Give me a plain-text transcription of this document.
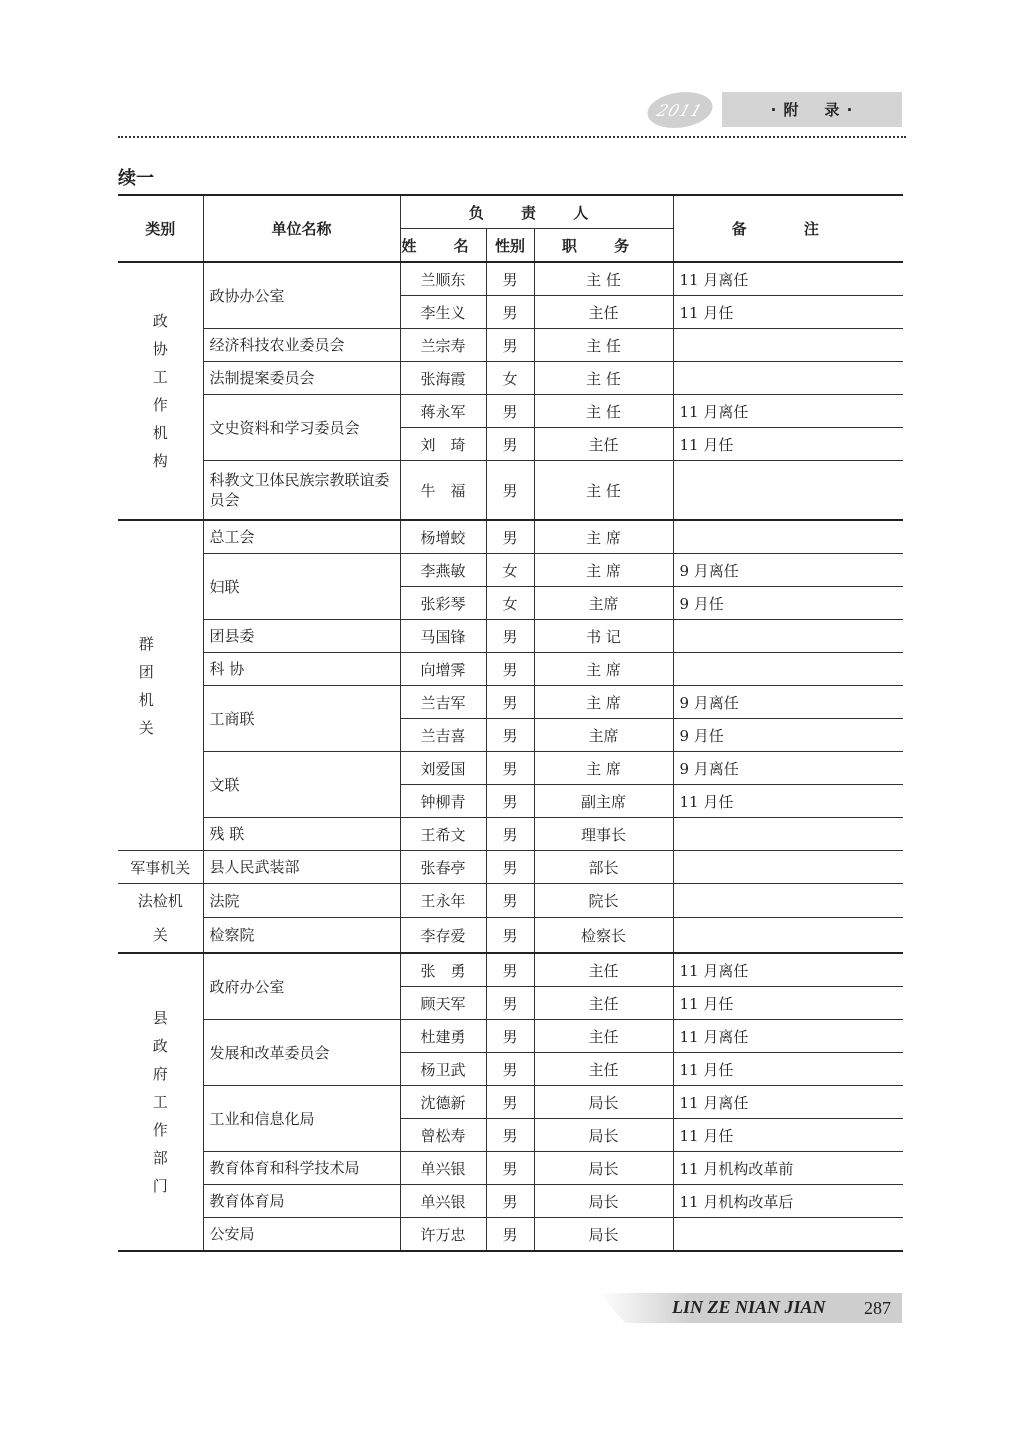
2011	· 附    录 ·
续一
类别	单位名称	负 责 人			备 注
		姓 名	性别	职 务	
政协工作机构	政协办公室	兰顺东	男	主 任	11 月离任
		李生义	男	主任	11 月任
	经济科技农业委员会	兰宗寿	男	主 任	
	法制提案委员会	张海霞	女	主 任	
	文史资料和学习委员会	蒋永军	男	主 任	11 月离任
		刘　琦	男	主任	11 月任
	科教文卫体民族宗教联谊委员会	牛　福	男	主 任	

群团机关	总工会	杨增蛟	男	主 席	
	妇联	李燕敏	女	主 席	9 月离任
		张彩琴	女	主席	9 月任
	团县委	马国锋	男	书 记	
	科 协	向增霁	男	主 席	
	工商联	兰吉军	男	主 席	9 月离任
		兰吉喜	男	主席	9 月任
	文联	刘爱国	男	主 席	9 月离任
		钟柳青	男	副主席	11 月任
	残 联	王希文	男	理事长	
军事机关	县人民武装部	张春亭	男	部长	
法检机关	法院	王永年	男	院长	
	检察院	李存爱	男	检察长	
县政府工作部门	政府办公室	张　勇	男	主任	11 月离任
		顾天军	男	主任	11 月任
	发展和改革委员会	杜建勇	男	主任	11 月离任
		杨卫武	男	主任	11 月任
	工业和信息化局	沈德新	男	局长	11 月离任
		曾松寿	男	局长	11 月任
	教育体育和科学技术局	单兴银	男	局长	11 月机构改革前
	教育体育局	单兴银	男	局长	11 月机构改革后
	公安局	许万忠	男	局长	
LIN ZE NIAN JIAN 287
